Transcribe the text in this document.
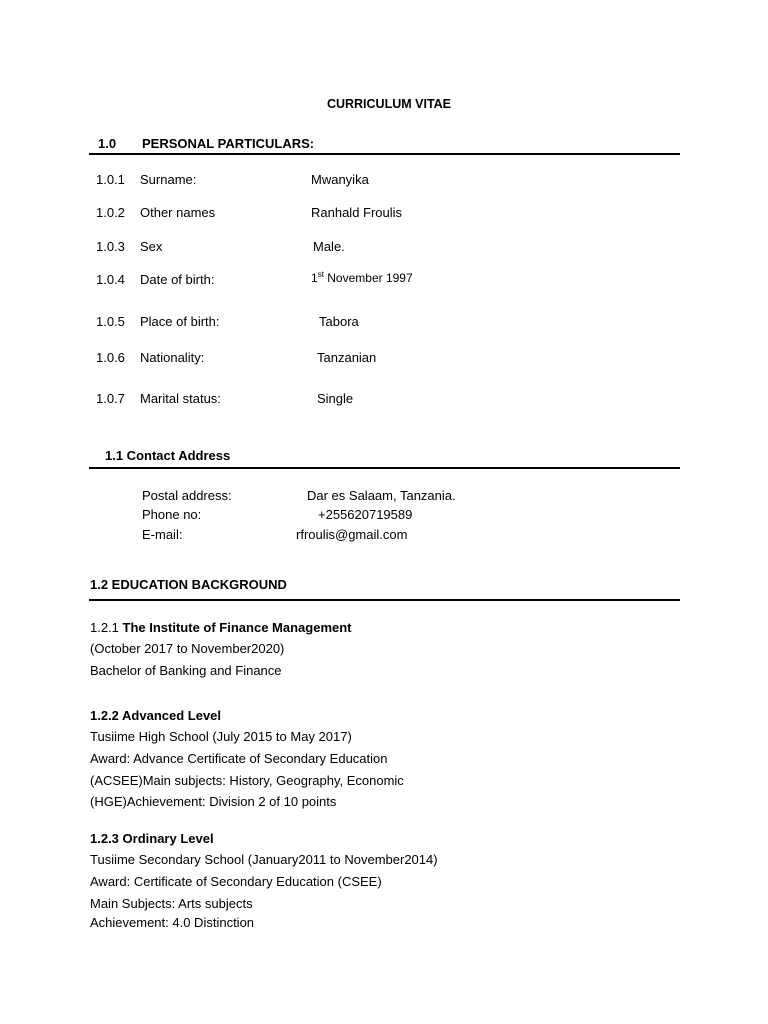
CURRICULUM VITAE
1.0 PERSONAL PARTICULARS:
1.0.1 Surname:	Mwanyika
1.0.2 Other names	Ranhald Froulis
1.0.3 Sex	Male.
1.0.4 Date of birth:	1st November 1997
1.0.5 Place of birth:	Tabora
1.0.6 Nationality:	Tanzanian
1.0.7 Marital status:	Single
1.1 Contact Address
Postal address:	Dar es Salaam, Tanzania.
Phone no:	+255620719589
E-mail:	rfroulis@gmail.com
1.2 EDUCATION BACKGROUND
1.2.1 The Institute of Finance Management
(October 2017 to November2020)
Bachelor of Banking and Finance
1.2.2 Advanced Level
Tusiime High School (July 2015 to May 2017)
Award: Advance Certificate of Secondary Education
(ACSEE)Main subjects: History, Geography, Economic
(HGE)Achievement: Division 2 of 10 points
1.2.3 Ordinary Level
Tusiime Secondary School (January2011 to November2014)
Award: Certificate of Secondary Education (CSEE)
Main Subjects: Arts subjects
Achievement: 4.0 Distinction
